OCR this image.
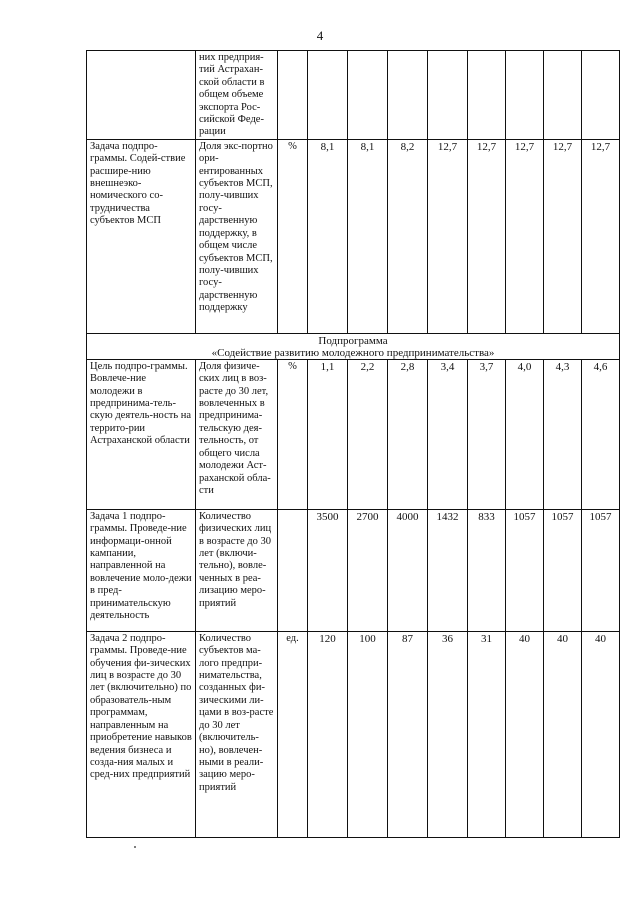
4
	них предприя-тий Астрахан-ской области в общем объеме экспорта Рос-сийской Феде-рации									
Задача подпро-граммы. Содей-ствие расшире-нию внешнеэко-номического со-трудничества субъектов МСП	Доля экс-портно ори-ентированных субъектов МСП, полу-чивших госу-дарственную поддержку, в общем числе субъектов МСП, полу-чивших госу-дарственную поддержку	%	8,1	8,1	8,2	12,7	12,7	12,7	12,7	12,7

Подпрограмма
«Содействие развитию молодежного предпринимательства»										

Цель подпро-граммы. Вовлече-ние молодежи в предпринима-тель-скую деятель-ность на террито-рии Астраханской области	Доля физиче-ских лиц в воз-расте до 30 лет, вовлеченных в предпринима-тельскую дея-тельность, от общего числа молодежи Аст-раханской обла-сти	%	1,1	2,2	2,8	3,4	3,7	4,0	4,3	4,6
Задача 1 подпро-граммы. Проведе-ние информаци-онной кампании, направленной на вовлечение моло-дежи в пред-принимательскую деятельность	Количество физических лиц в возрасте до 30 лет (включи-тельно), вовле-ченных в реа-лизацию меро-приятий		3500	2700	4000	1432	833	1057	1057	1057
Задача 2 подпро-граммы. Проведе-ние обучения фи-зических лиц в возрасте до 30 лет (включительно) по образователь-ным программам, направленным на приобретение навыков ведения бизнеса и созда-ния малых и сред-них предприятий	Количество субъектов ма-лого предпри-нимательства, созданных фи-зическими ли-цами в воз-расте до 30 лет (включитель-но), вовлечен-ными в реали-зацию меро-приятий	ед.	120	100	87	36	31	40	40	40
